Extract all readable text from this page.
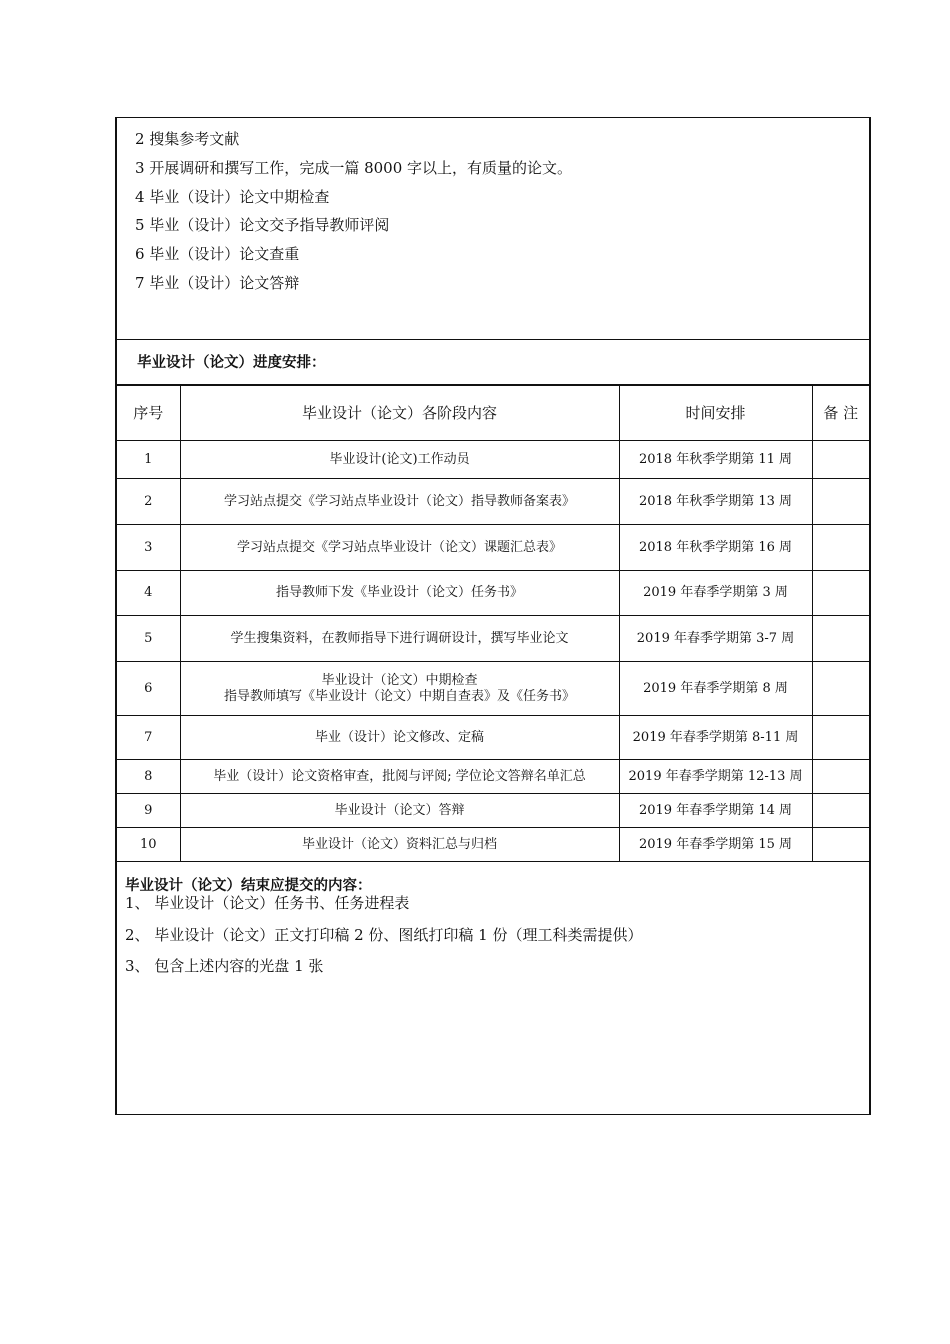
2 搜集参考文献
3 开展调研和撰写工作，完成一篇 8000 字以上，有质量的论文。
4 毕业（设计）论文中期检查
5 毕业（设计）论文交予指导教师评阅
6 毕业（设计）论文查重
7 毕业（设计）论文答辩
毕业设计（论文）进度安排：
序号	毕业设计（论文）各阶段内容	时间安排	备 注
1	毕业设计(论文)工作动员	2018 年秋季学期第 11 周	
2	学习站点提交《学习站点毕业设计（论文）指导教师备案表》	2018 年秋季学期第 13 周	
3	学习站点提交《学习站点毕业设计（论文）课题汇总表》	2018 年秋季学期第 16 周	
4	指导教师下发《毕业设计（论文）任务书》	2019 年春季学期第 3 周	
5	学生搜集资料，在教师指导下进行调研设计，撰写毕业论文	2019 年春季学期第 3-7 周	
6	毕业设计（论文）中期检查
指导教师填写《毕业设计（论文）中期自查表》及《任务书》	2019 年春季学期第 8 周	
7	毕业（设计）论文修改、定稿	2019 年春季学期第 8-11 周	
8	毕业（设计）论文资格审查，批阅与评阅; 学位论文答辩名单汇总	2019 年春季学期第 12-13 周	
9	毕业设计（论文）答辩	2019 年春季学期第 14 周	
10	毕业设计（论文）资料汇总与归档	2019 年春季学期第 15 周	
毕业设计（论文）结束应提交的内容：
1、 毕业设计（论文）任务书、任务进程表
2、 毕业设计（论文）正文打印稿 2 份、图纸打印稿 1 份（理工科类需提供）
3、 包含上述内容的光盘 1 张
